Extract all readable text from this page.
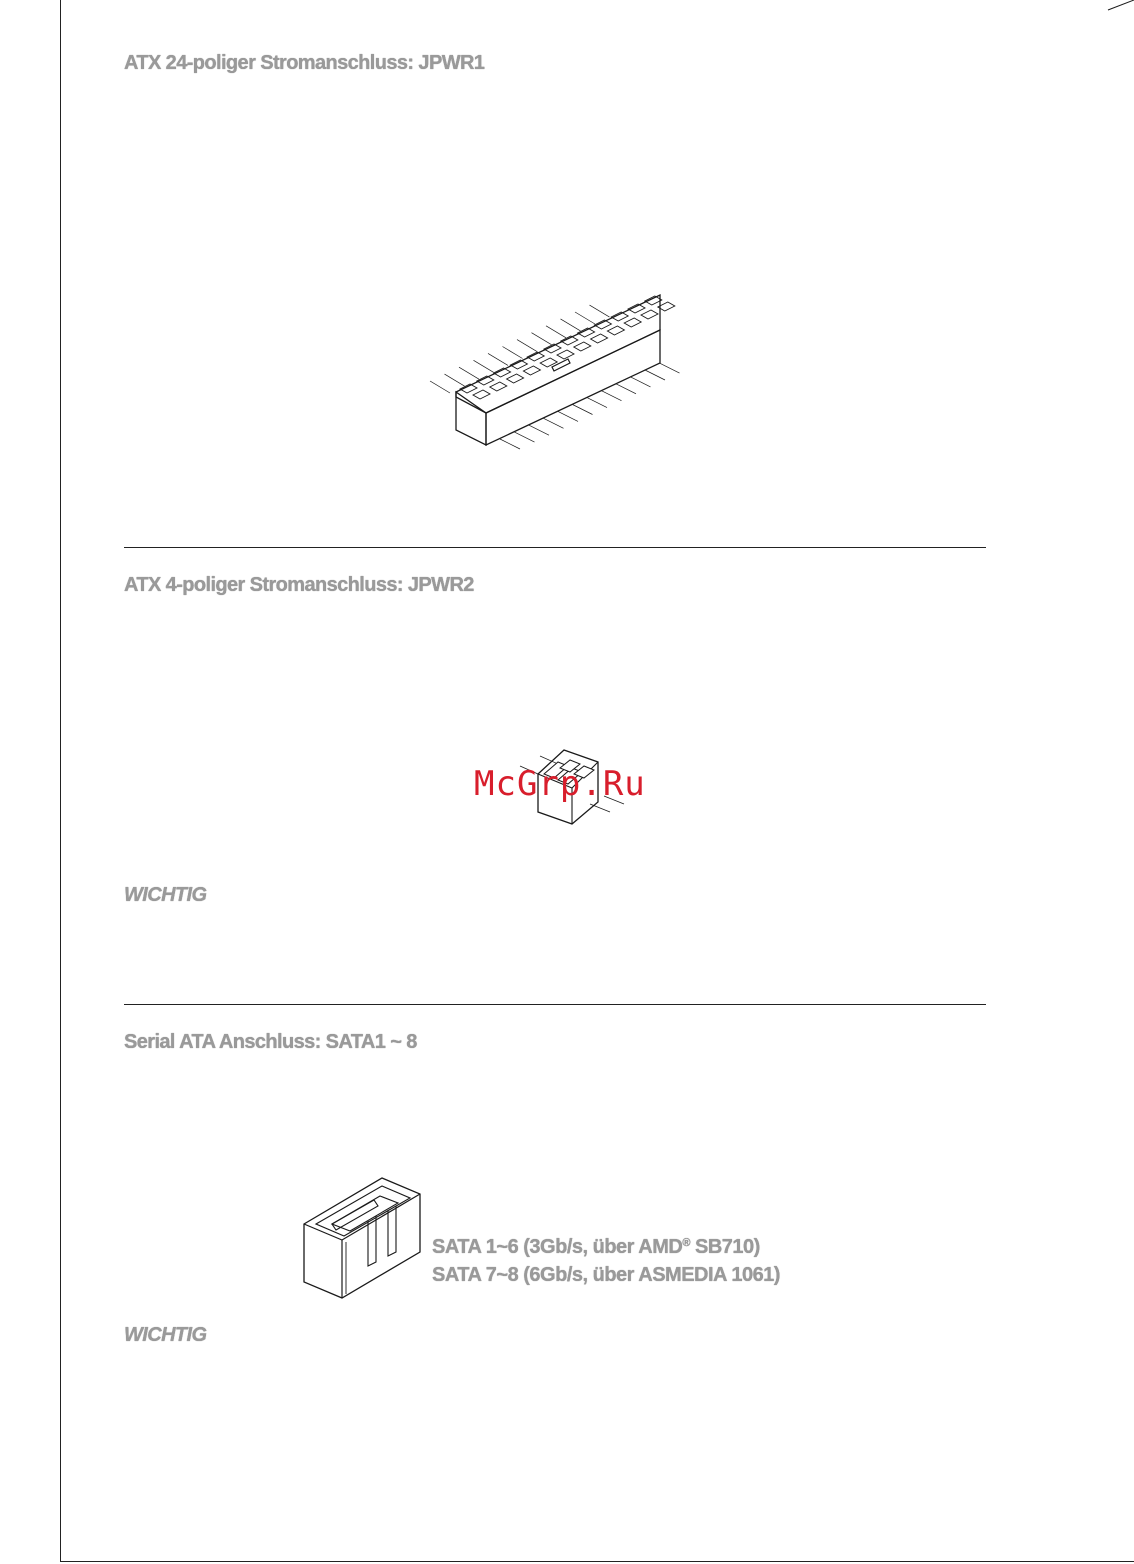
ATX 24-poliger Stromanschluss: JPWR1
ATX 4-poliger Stromanschluss: JPWR2
McGrp.Ru

WICHTIG

Serial ATA Anschluss: SATA1 ~ 8
SATA 1~6 (3Gb/s, über AMD® SB710)
SATA 7~8 (6Gb/s, über ASMEDIA 1061)

WICHTIG
